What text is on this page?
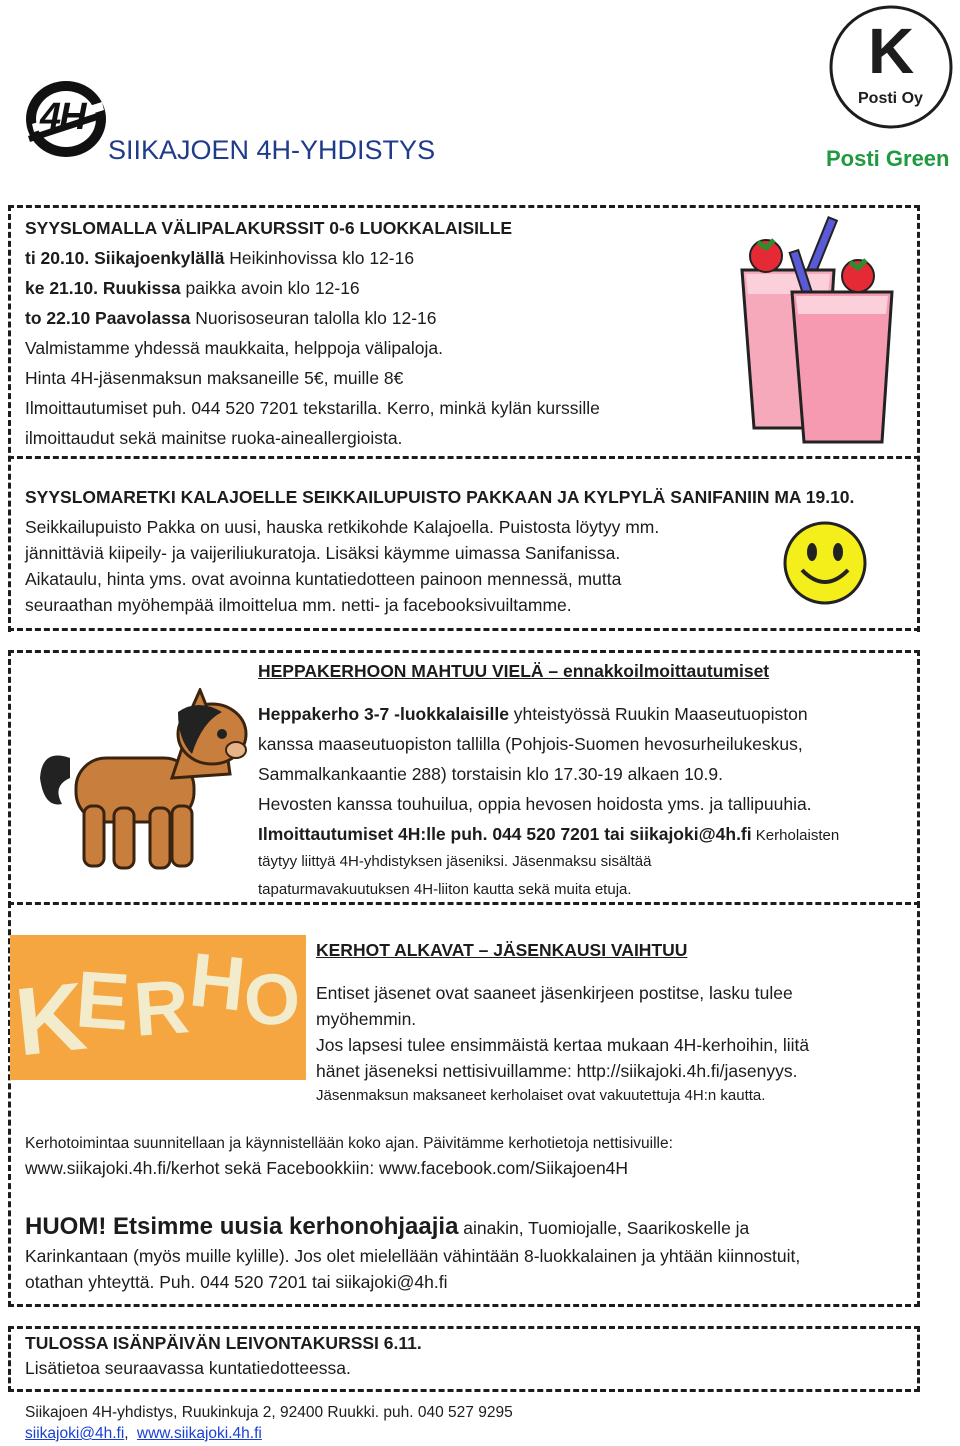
4H
SIIKAJOEN 4H-YHDISTYS
K
Posti Oy
Posti Green
SYYSLOMALLA VÄLIPALAKURSSIT 0-6 LUOKKALAISILLE
ti 20.10. Siikajoenkylällä Heikinhovissa klo 12-16
ke 21.10. Ruukissa paikka avoin klo 12-16
to 22.10 Paavolassa Nuorisoseuran talolla klo 12-16
Valmistamme yhdessä maukkaita, helppoja välipaloja.
Hinta 4H-jäsenmaksun maksaneille 5€, muille 8€
Ilmoittautumiset puh. 044 520 7201 tekstarilla. Kerro, minkä kylän kurssille
ilmoittaudut sekä mainitse ruoka-aineallergioista.
SYYSLOMARETKI KALAJOELLE SEIKKAILUPUISTO PAKKAAN JA KYLPYLÄ SANIFANIIN MA 19.10.
Seikkailupuisto Pakka on uusi, hauska retkikohde Kalajoella. Puistosta löytyy mm.
jännittäviä kiipeily- ja vaijeriliukuratoja. Lisäksi käymme uimassa Sanifanissa.
Aikataulu, hinta yms. ovat avoinna kuntatiedotteen painoon mennessä, mutta
seuraathan myöhempää ilmoittelua mm. netti- ja facebooksivuiltamme.
HEPPAKERHOON MAHTUU VIELÄ – ennakkoilmoittautumiset
Heppakerho 3-7 -luokkalaisille yhteistyössä Ruukin Maaseutuopiston
kanssa maaseutuopiston tallilla (Pohjois-Suomen hevosurheilukeskus,
Sammalkankaantie 288) torstaisin klo 17.30-19 alkaen 10.9.
Hevosten kanssa touhuilua, oppia hevosen hoidosta yms. ja tallipuuhia.
Ilmoittautumiset 4H:lle puh. 044 520 7201 tai siikajoki@4h.fi Kerholaisten
täytyy liittyä 4H-yhdistyksen jäseniksi. Jäsenmaksu sisältää
tapaturmavakuutuksen 4H-liiton kautta sekä muita etuja.
K
E
R
H
O
KERHOT ALKAVAT – JÄSENKAUSI VAIHTUU
Entiset jäsenet ovat saaneet jäsenkirjeen postitse, lasku tulee
myöhemmin.
Jos lapsesi tulee ensimmäistä kertaa mukaan 4H-kerhoihin, liitä
hänet jäseneksi nettisivuillamme: http://siikajoki.4h.fi/jasenyys.
Jäsenmaksun maksaneet kerholaiset ovat vakuutettuja 4H:n kautta.
Kerhotoimintaa suunnitellaan ja käynnistellään koko ajan. Päivitämme kerhotietoja nettisivuille:
www.siikajoki.4h.fi/kerhot sekä Facebookkiin: www.facebook.com/Siikajoen4H
HUOM! Etsimme uusia kerhonohjaajia ainakin, Tuomiojalle, Saarikoskelle ja
Karinkantaan (myös muille kylille). Jos olet mielellään vähintään 8-luokkalainen ja yhtään kiinnostuit,
otathan yhteyttä. Puh. 044 520 7201 tai siikajoki@4h.fi
TULOSSA ISÄNPÄIVÄN LEIVONTAKURSSI 6.11.
Lisätietoa seuraavassa kuntatiedotteessa.
Siikajoen 4H-yhdistys, Ruukinkuja 2, 92400 Ruukki. puh. 040 527 9295
siikajoki@4h.fi, www.siikajoki.4h.fi
